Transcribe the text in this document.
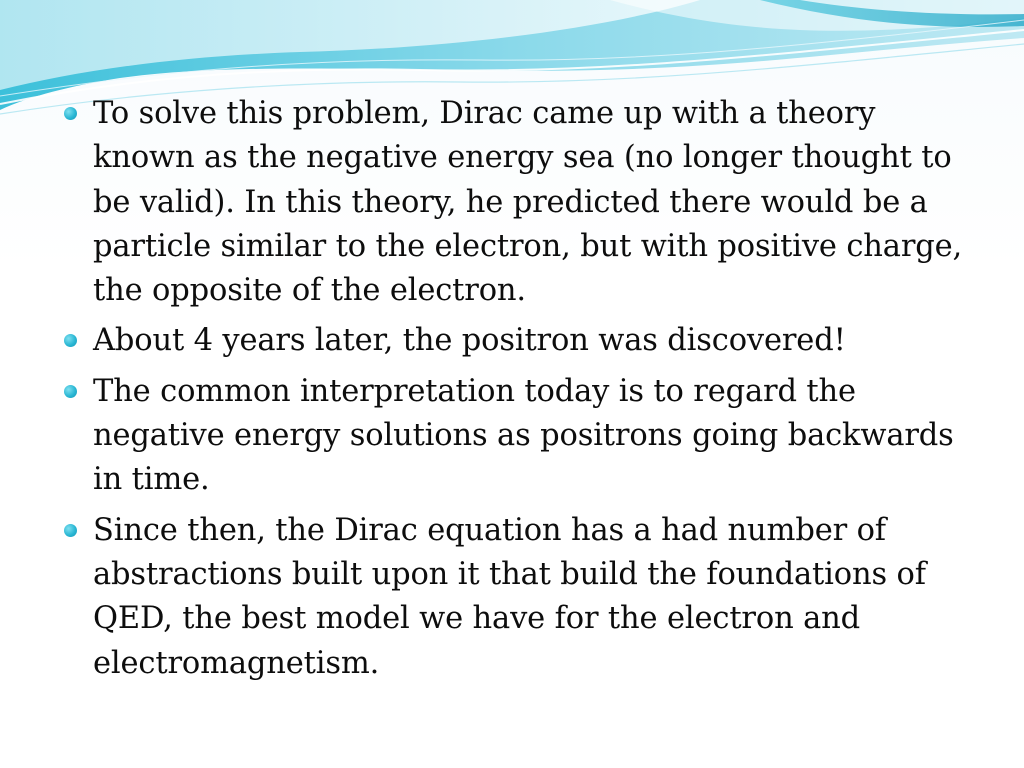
To solve this problem, Dirac came up with a theory known as the negative energy sea (no longer thought to be valid). In this theory, he predicted there would be a particle similar to the electron, but with positive charge, the opposite of the electron.
About 4 years later, the positron was discovered!
The common interpretation today is to regard the negative energy solutions as positrons going backwards in time.
Since then, the Dirac equation has a had number of abstractions built upon it that build the foundations of QED, the best model we have for the electron and electromagnetism.
